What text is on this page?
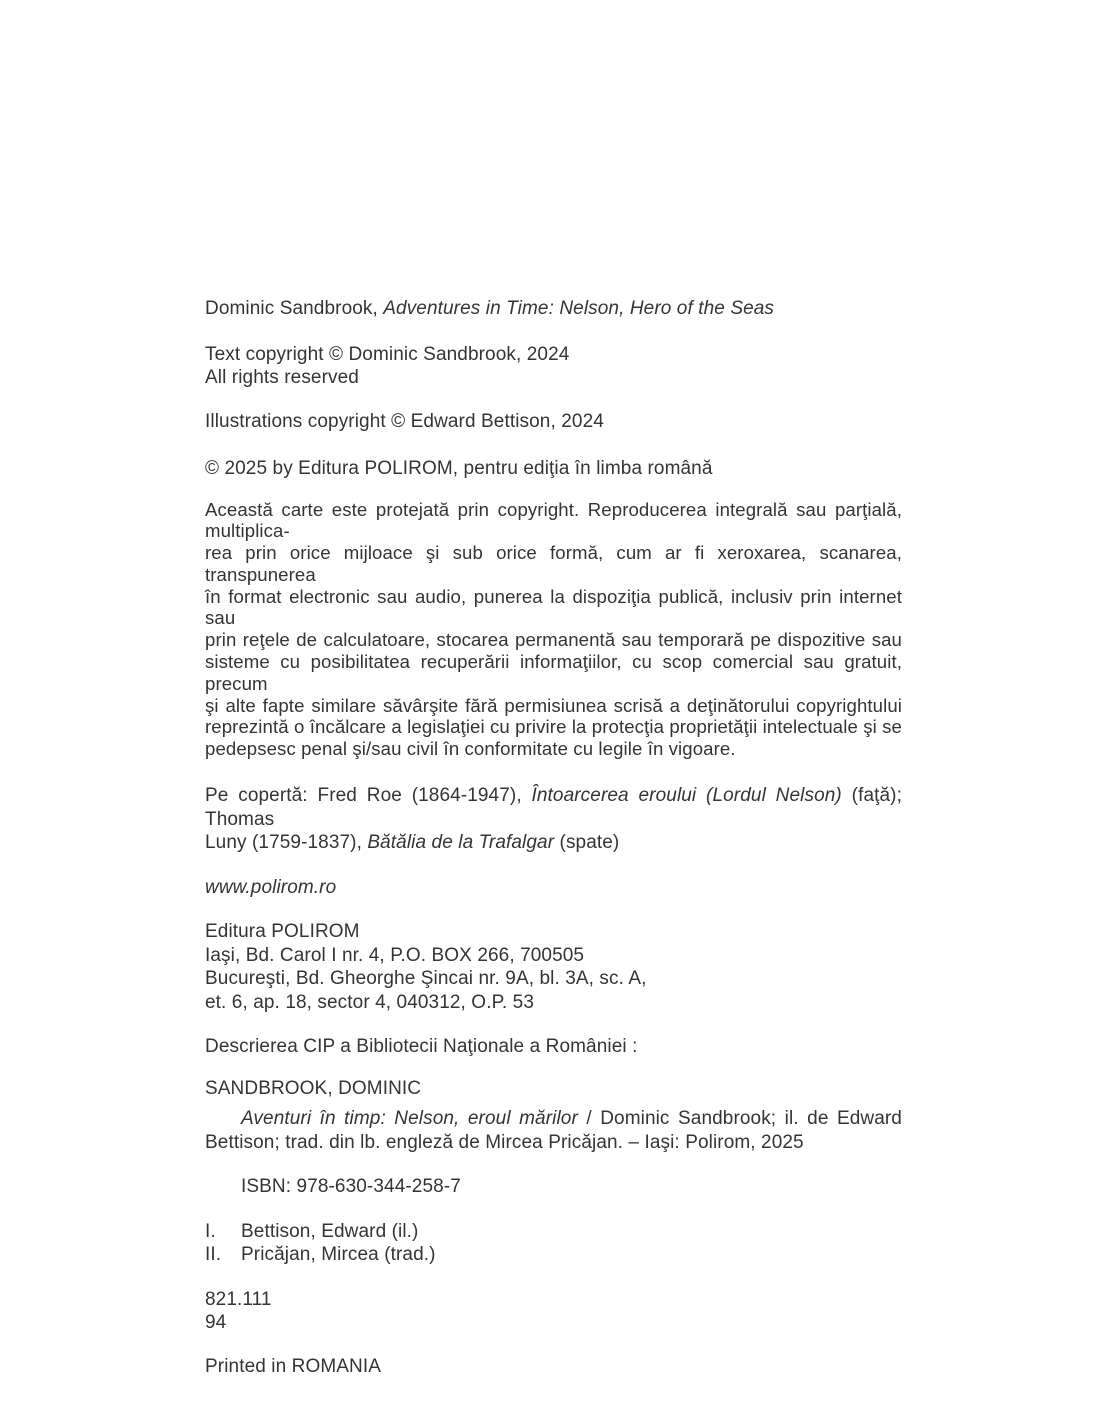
Dominic Sandbrook, Adventures in Time: Nelson, Hero of the Seas
Text copyright © Dominic Sandbrook, 2024
All rights reserved
Illustrations copyright © Edward Bettison, 2024
© 2025 by Editura POLIROM, pentru ediţia în limba română
Această carte este protejată prin copyright. Reproducerea integrală sau parţială, multiplica-
rea prin orice mijloace şi sub orice formă, cum ar fi xeroxarea, scanarea, transpunerea
în format electronic sau audio, punerea la dispoziţia publică, inclusiv prin internet sau
prin reţele de calculatoare, stocarea permanentă sau temporară pe dispozitive sau
sisteme cu posibilitatea recuperării informaţiilor, cu scop comercial sau gratuit, precum
şi alte fapte similare săvârşite fără permisiunea scrisă a deţinătorului copyrightului
reprezintă o încălcare a legislaţiei cu privire la protecţia proprietăţii intelectuale şi se
pedepsesc penal şi/sau civil în conformitate cu legile în vigoare.
Pe copertă: Fred Roe (1864-1947), Întoarcerea eroului (Lordul Nelson) (faţă); Thomas
Luny (1759-1837), Bătălia de la Trafalgar (spate)
www.polirom.ro
Editura POLIROM
Iaşi, Bd. Carol I nr. 4, P.O. BOX 266, 700505
Bucureşti, Bd. Gheorghe Şincai nr. 9A, bl. 3A, sc. A,
et. 6, ap. 18, sector 4, 040312, O.P. 53
Descrierea CIP a Bibliotecii Naţionale a României :
SANDBROOK, DOMINIC
Aventuri în timp: Nelson, eroul mărilor / Dominic Sandbrook; il. de Edward
Bettison; trad. din lb. engleză de Mircea Pricăjan. – Iaşi: Polirom, 2025
ISBN: 978-630-344-258-7
I.	Bettison, Edward (il.)
II.	Pricăjan, Mircea (trad.)
821.111
94
Printed in ROMANIA
